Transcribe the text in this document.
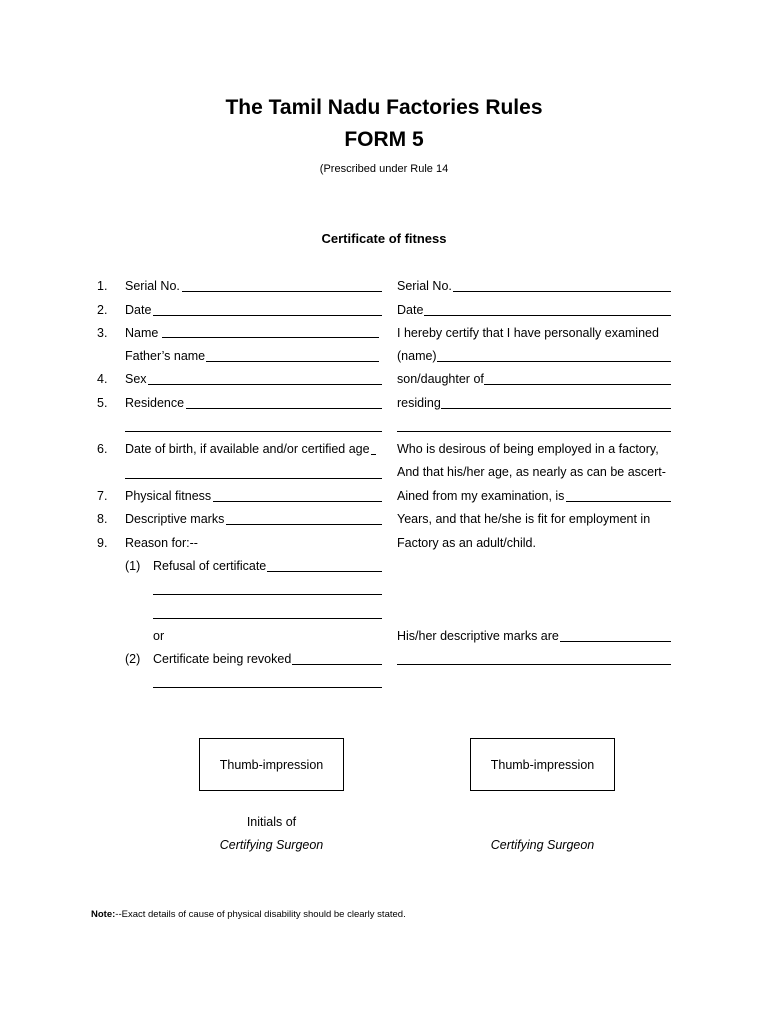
The Tamil Nadu Factories Rules
FORM 5
(Prescribed under Rule 14
Certificate of fitness
1. Serial No.
2. Date
3. Name
Father’s name
4. Sex
5. Residence
6. Date of birth, if available and/or certified age
7. Physical fitness
8. Descriptive marks
9. Reason for:--
(1) Refusal of certificate
or
(2) Certificate being revoked
Serial No.
Date
I hereby certify that I have personally examined
(name)
son/daughter of
residing
Who is desirous of being employed in a factory,
And that his/her age, as nearly as can be ascert-
Ained from my examination, is
Years, and that he/she is fit for employment in
Factory as an adult/child.
His/her descriptive marks are
Thumb-impression	Thumb-impression
Initials of
Certifying Surgeon	Certifying Surgeon
Note:--Exact details of cause of physical disability should be clearly stated.
